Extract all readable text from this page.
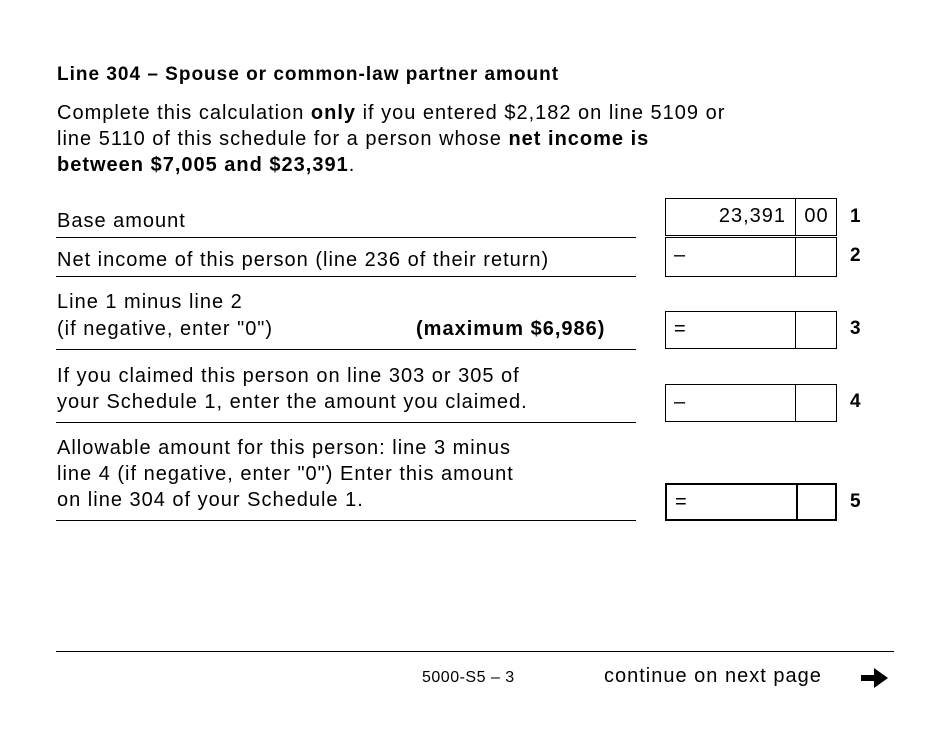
Line 304 – Spouse or common-law partner amount
Complete this calculation only if you entered $2,182 on line 5109 or
line 5110 of this schedule for a person whose net income is
between $7,005 and $23,391.
Base amount	23,391 00	1
Net income of this person (line 236 of their return)	–	2
Line 1 minus line 2
(if negative, enter "0")	(maximum $6,986)	=	3
If you claimed this person on line 303 or 305 of
your Schedule 1, enter the amount you claimed.	–	4
Allowable amount for this person: line 3 minus
line 4 (if negative, enter "0") Enter this amount
on line 304 of your Schedule 1.	=	5
5000-S5 – 3	continue on next page
